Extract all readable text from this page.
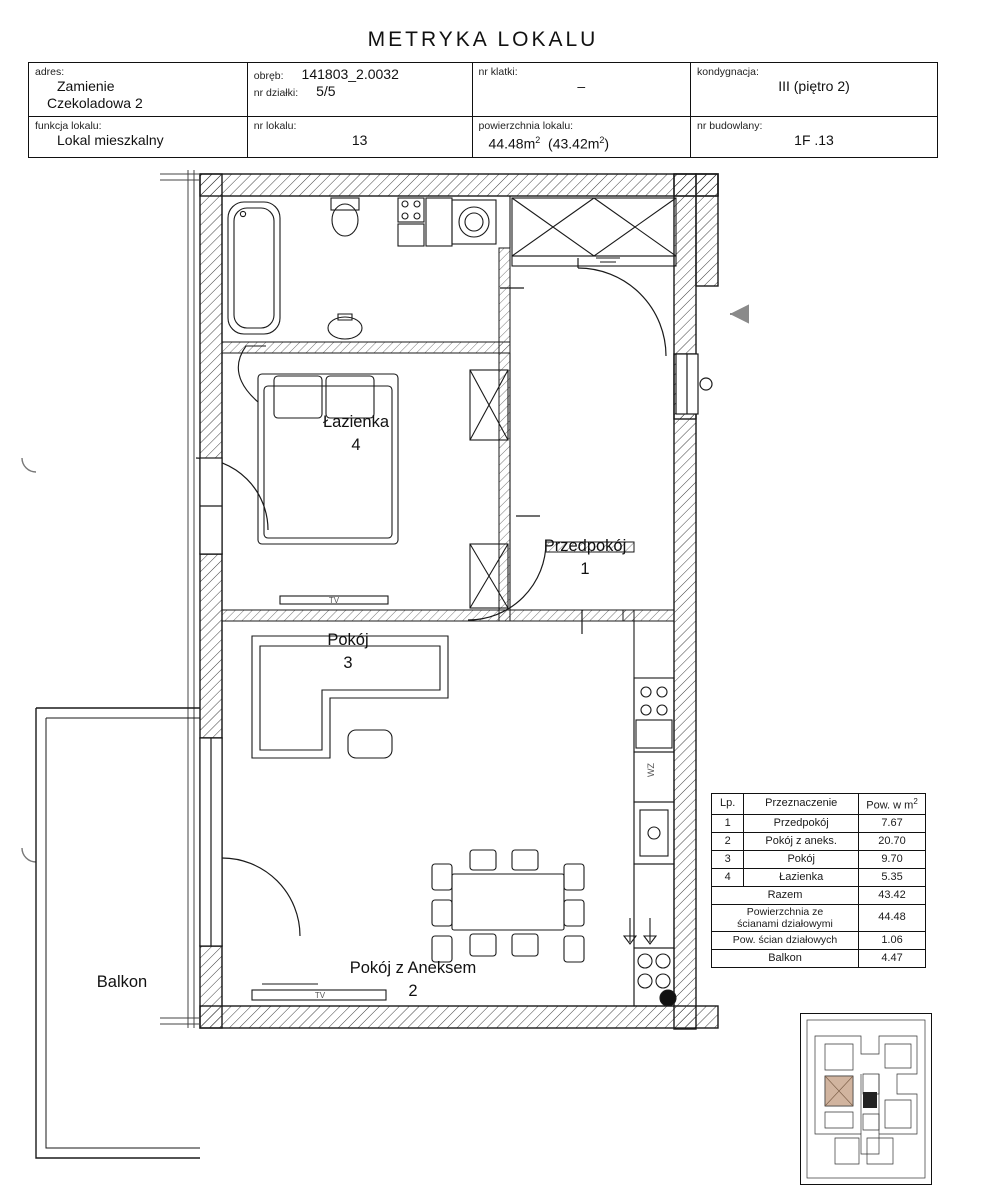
METRYKA LOKALU
adres:
Zamienie
Czekoladowa 2

obręb:	141803_2.0032
nr działki:	5/5

nr klatki:
–

kondygnacja:
III (piętro 2)

funkcja lokalu:
Lokal mieszkalny	nr lokalu:
13	powierzchnia lokalu:
$44.48m^2$ $(43.42m^2)$	nr budowlany:
1F .13
TV
TV
WZ
Łazienka
4
Przedpokój
1
Pokój
3
Pokój z Aneksem
2
Balkon
Lp.	Przeznaczenie	Pow. w $m^2$
1	Przedpokój	7.67
2	Pokój z aneks.	20.70
3	Pokój	9.70
4	Łazienka	5.35
Razem		43.42
Powierzchnia ze
ścianami działowymi		44.48
Pow. ścian działowych		1.06
Balkon		4.47
